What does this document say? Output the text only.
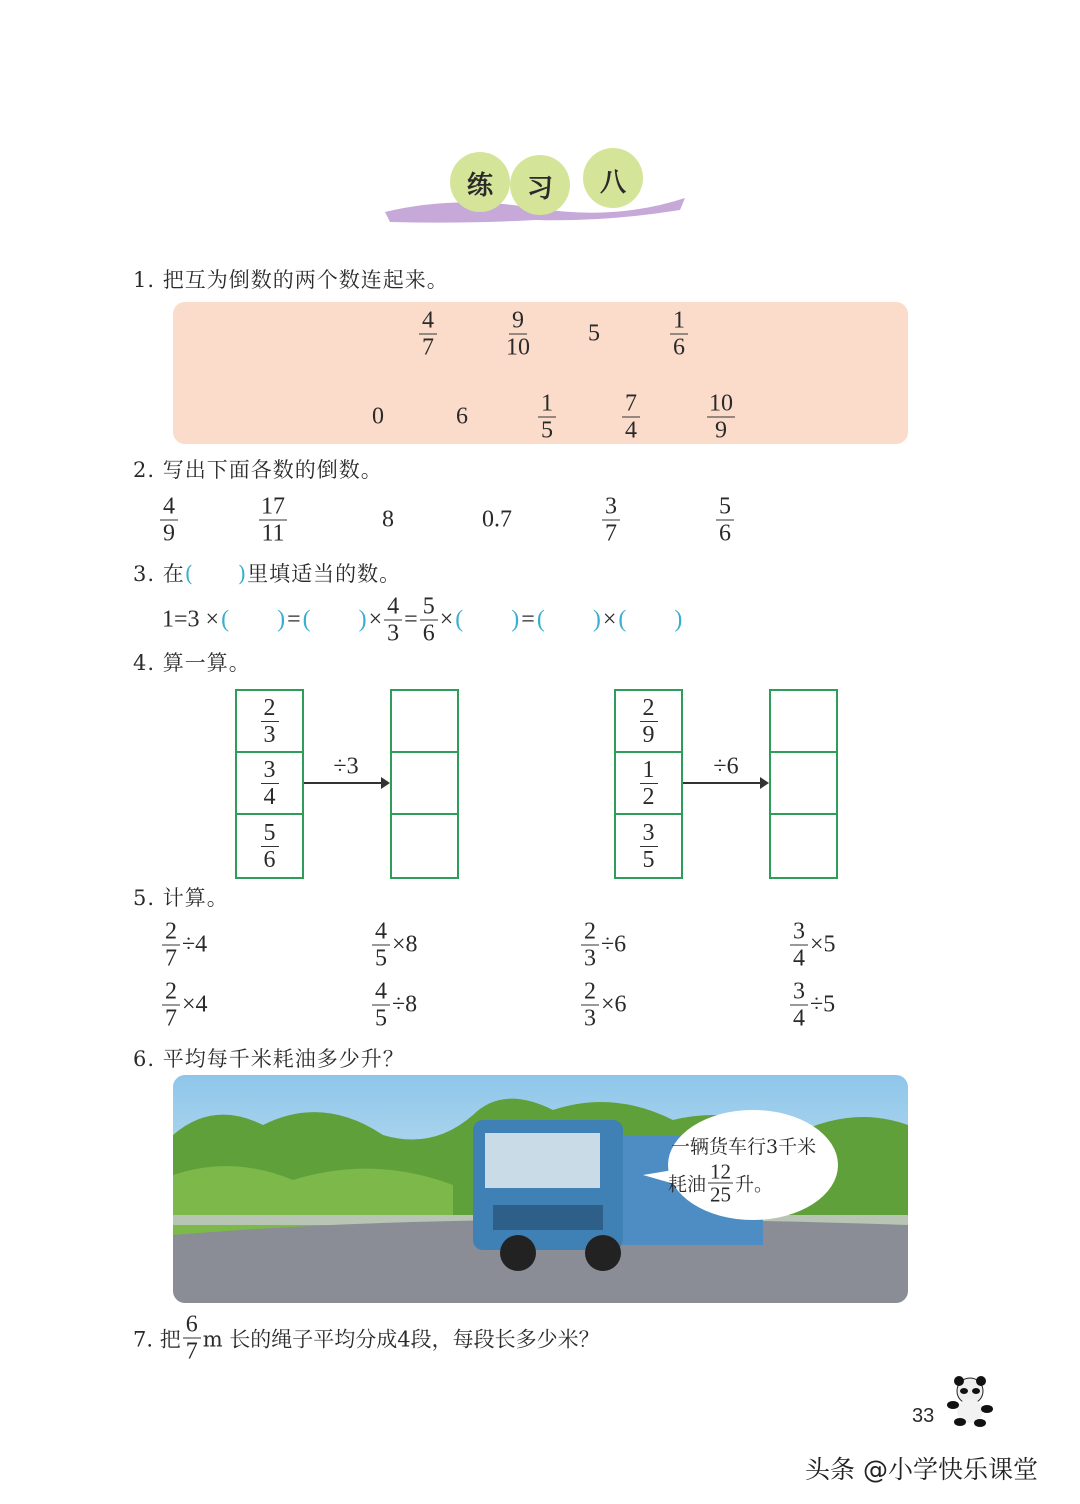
练 习 八
1. 把互为倒数的两个数连起来。
$\frac{4}{7}$	$\frac{9}{10} 5$	$\frac{1}{6}$
0	6	$\frac{1}{5}$	$\frac{7}{4}$	$\frac{10}{9}$
2. 写出下面各数的倒数。
$\frac{4}{9}$	$\frac{17}{11}$	8	0.7	$\frac{3}{7}$	$\frac{5}{6}$
3. 在(　　)里填适当的数。
1=3 × ( ) = ( ) × $\frac{4}{3} = \frac{5}{6}$ × ( ) = ( ) × ( )
4. 算一算。
$\frac{2}{3}$
$\frac{3}{4}$
$\frac{5}{6}$
÷3
$\frac{2}{9}$
$\frac{1}{2}$
$\frac{3}{5}$
÷6
5. 计算。
$\frac{2}{7} \div 4$	$\frac{4}{5} \times 8$	$\frac{2}{3} \div 6$	$\frac{3}{4} \times 5$
$\frac{2}{7} \times 4$	$\frac{4}{5} \div 8$	$\frac{2}{3} \times 6$	$\frac{3}{4} \div 5$
6. 平均每千米耗油多少升？
一辆货车行3千米
耗油 $\frac{12}{25}$ 升。
7. 把 $\frac{6}{7}$ m 长的绳子平均分成4段，每段长多少米？
33
头条 @小学快乐课堂
